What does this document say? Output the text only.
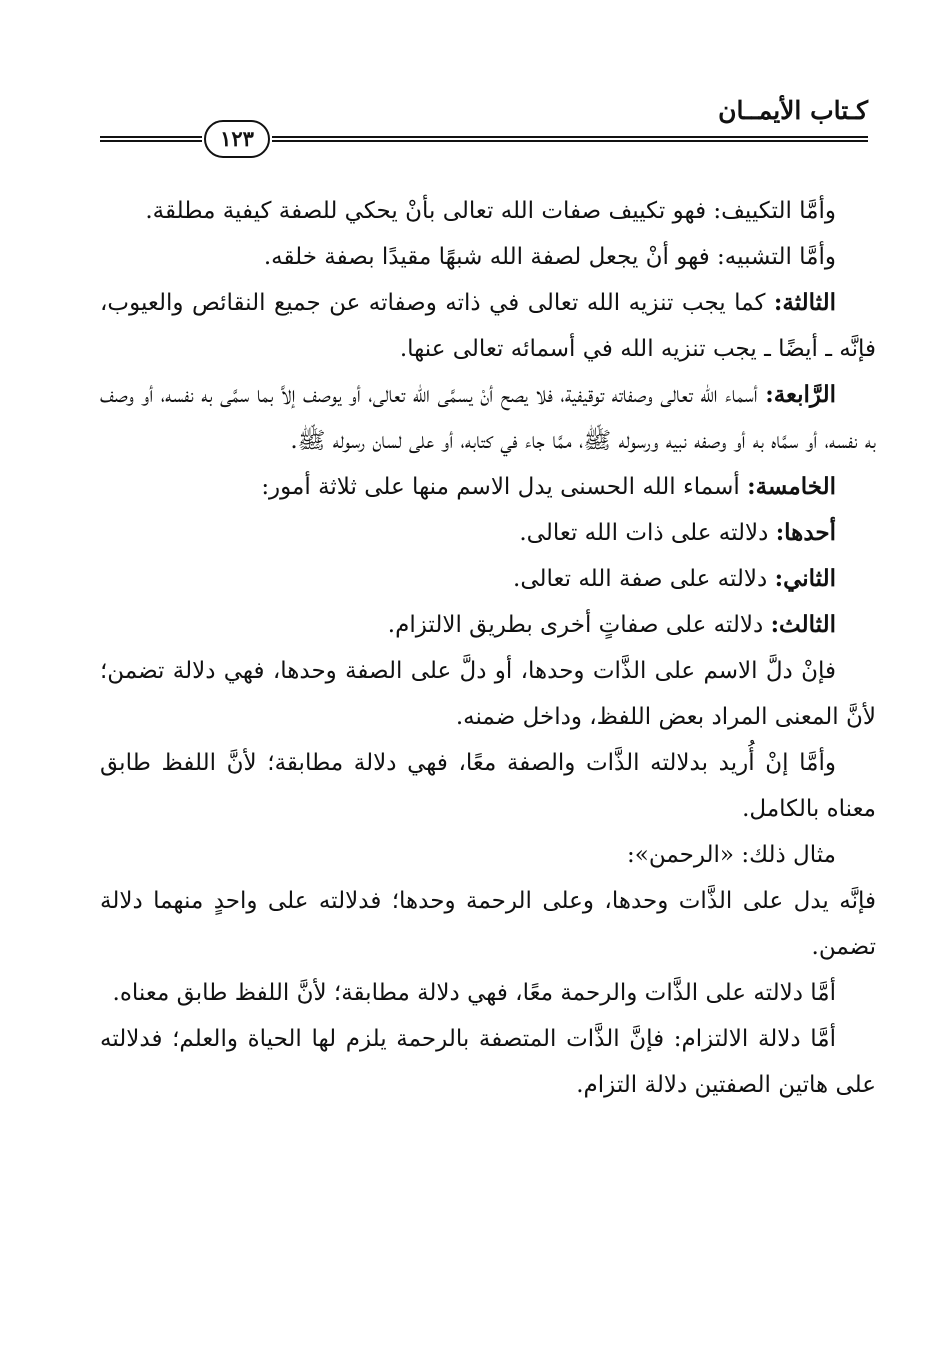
كـتاب الأيمــان
١٢٣

وأمَّا التكييف: فهو تكييف صفات الله تعالى بأنْ يحكي للصفة كيفية مطلقة.

وأمَّا التشبيه: فهو أنْ يجعل لصفة الله شبهًا مقيدًا بصفة خلقه.

الثالثة: كما يجب تنزيه الله تعالى في ذاته وصفاته عن جميع النقائص والعيوب، فإنَّه ـ أيضًا ـ يجب تنزيه الله في أسمائه تعالى عنها.

الرَّابعة: أسماء الله تعالى وصفاته توقيفية، فلا يصح أنْ يسمَّى الله تعالى، أو يوصف إلاَّ بما سمَّى به نفسه، أو وصف به نفسه، أو سمَّاه به أو وصفه نبيه ورسوله ﷺ، ممَّا جاء في كتابه، أو على لسان رسوله ﷺ.

الخامسة: أسماء الله الحسنى يدل الاسم منها على ثلاثة أمور:

أحدها: دلالته على ذات الله تعالى.

الثاني: دلالته على صفة الله تعالى.

الثالث: دلالته على صفاتٍ أخرى بطريق الالتزام.

فإنْ دلَّ الاسم على الذَّات وحدها، أو دلَّ على الصفة وحدها، فهي دلالة تضمن؛ لأنَّ المعنى المراد بعض اللفظ، وداخل ضمنه.

وأمَّا إنْ أُريد بدلالته الذَّات والصفة معًا، فهي دلالة مطابقة؛ لأنَّ اللفظ طابق معناه بالكامل.

مثال ذلك: «الرحمن»:

فإنَّه يدل على الذَّات وحدها، وعلى الرحمة وحدها؛ فدلالته على واحدٍ منهما دلالة تضمن.

أمَّا دلالته على الذَّات والرحمة معًا، فهي دلالة مطابقة؛ لأنَّ اللفظ طابق معناه.

أمَّا دلالة الالتزام: فإنَّ الذَّات المتصفة بالرحمة يلزم لها الحياة والعلم؛ فدلالته على هاتين الصفتين دلالة التزام.
